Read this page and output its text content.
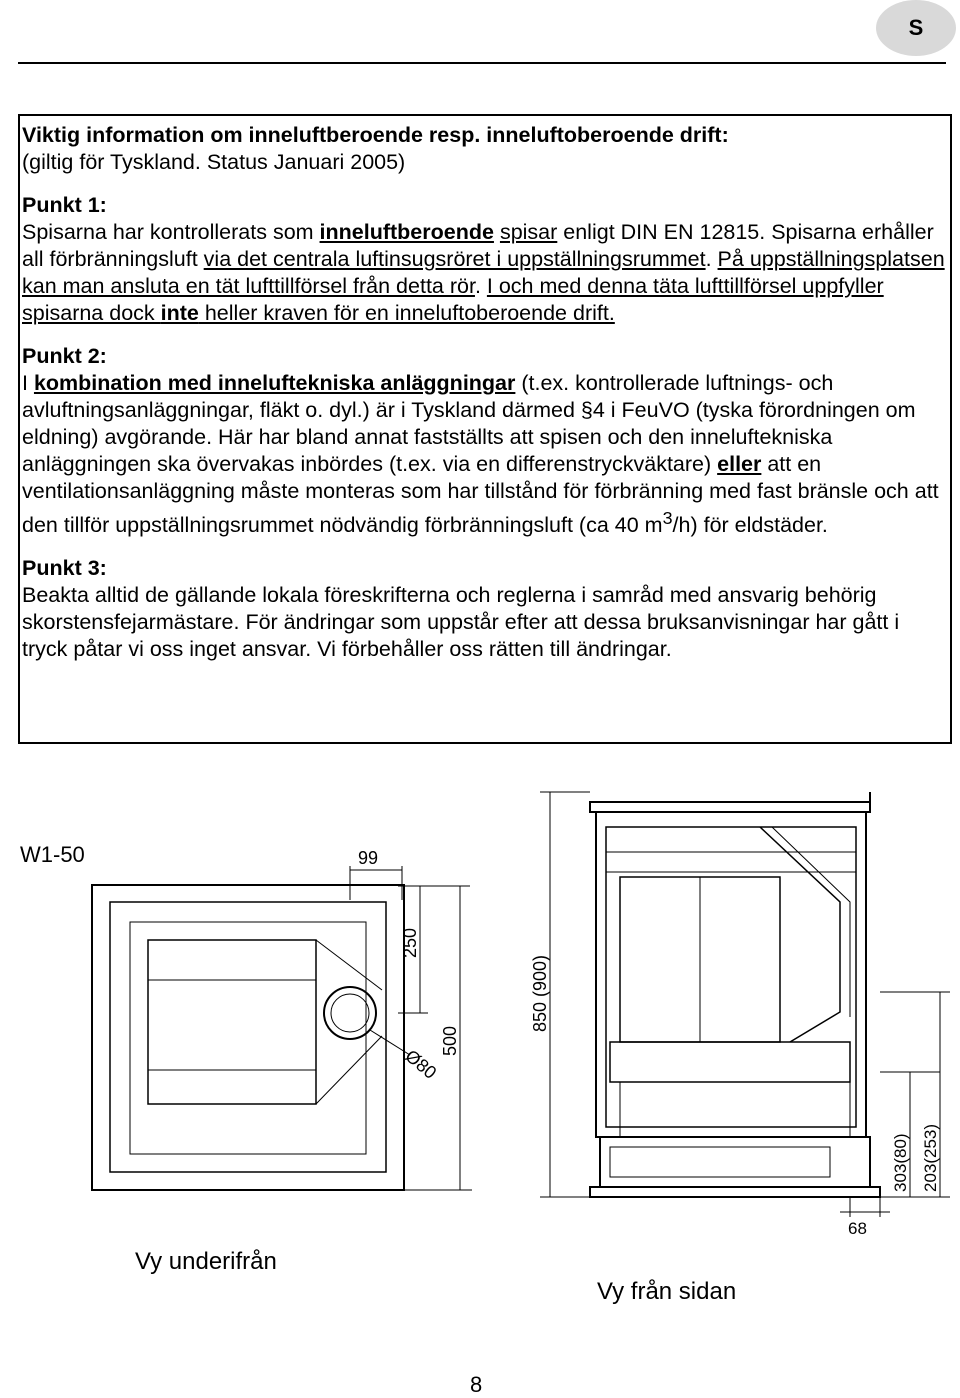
S

Viktig information om inneluftberoende resp. inneluftoberoende drift:

(giltig för Tyskland. Status Januari 2005)

Punkt 1:

Spisarna har kontrollerats som inneluftberoende spisar enligt DIN EN 12815. Spisarna erhåller all förbränningsluft via det centrala luftinsugsröret i uppställningsrummet. På uppställningsplatsen kan man ansluta en tät lufttillförsel från detta rör. I och med denna täta lufttillförsel uppfyller spisarna dock inte heller kraven för en inneluftoberoende drift.

Punkt 2:

I kombination med inneluftekniska anläggningar (t.ex. kontrollerade luftnings- och avluftningsanläggningar, fläkt o. dyl.) är i Tyskland därmed §4 i FeuVO (tyska förordningen om eldning) avgörande. Här har bland annat fastställts att spisen och den inneluftekniska anläggningen ska övervakas inbördes (t.ex. via en differenstryckväktare) eller att en ventilationsanläggning måste monteras som har tillstånd för förbränning med fast bränsle och att den tillför uppställningsrummet nödvändig förbränningsluft (ca 40 $m^3/h$) för eldstäder.

Punkt 3:

Beakta alltid de gällande lokala föreskrifterna och reglerna i samråd med ansvarig behörig skorstensfejarmästare. För ändringar som uppstår efter att dessa bruksanvisningar har gått i tryck påtar vi oss inget ansvar. Vi förbehåller oss rätten till ändringar.

W1-50	99
250
500
Ø80
850 (900)
303(80) 203(253)
68
Vy underifrån
Vy från sidan
8
